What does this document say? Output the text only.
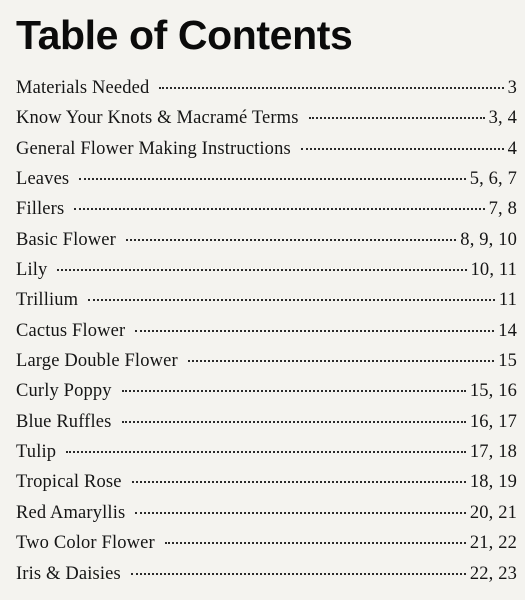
Table of Contents
Materials Needed	3
Know Your Knots & Macramé Terms	3, 4
General Flower Making Instructions	4
Leaves	5, 6, 7
Fillers	7, 8
Basic Flower	8, 9, 10
Lily	10, 11
Trillium	11
Cactus Flower	14
Large Double Flower	15
Curly Poppy	15, 16
Blue Ruffles	16, 17
Tulip	17, 18
Tropical Rose	18, 19
Red Amaryllis	20, 21
Two Color Flower	21, 22
Iris & Daisies	22, 23
